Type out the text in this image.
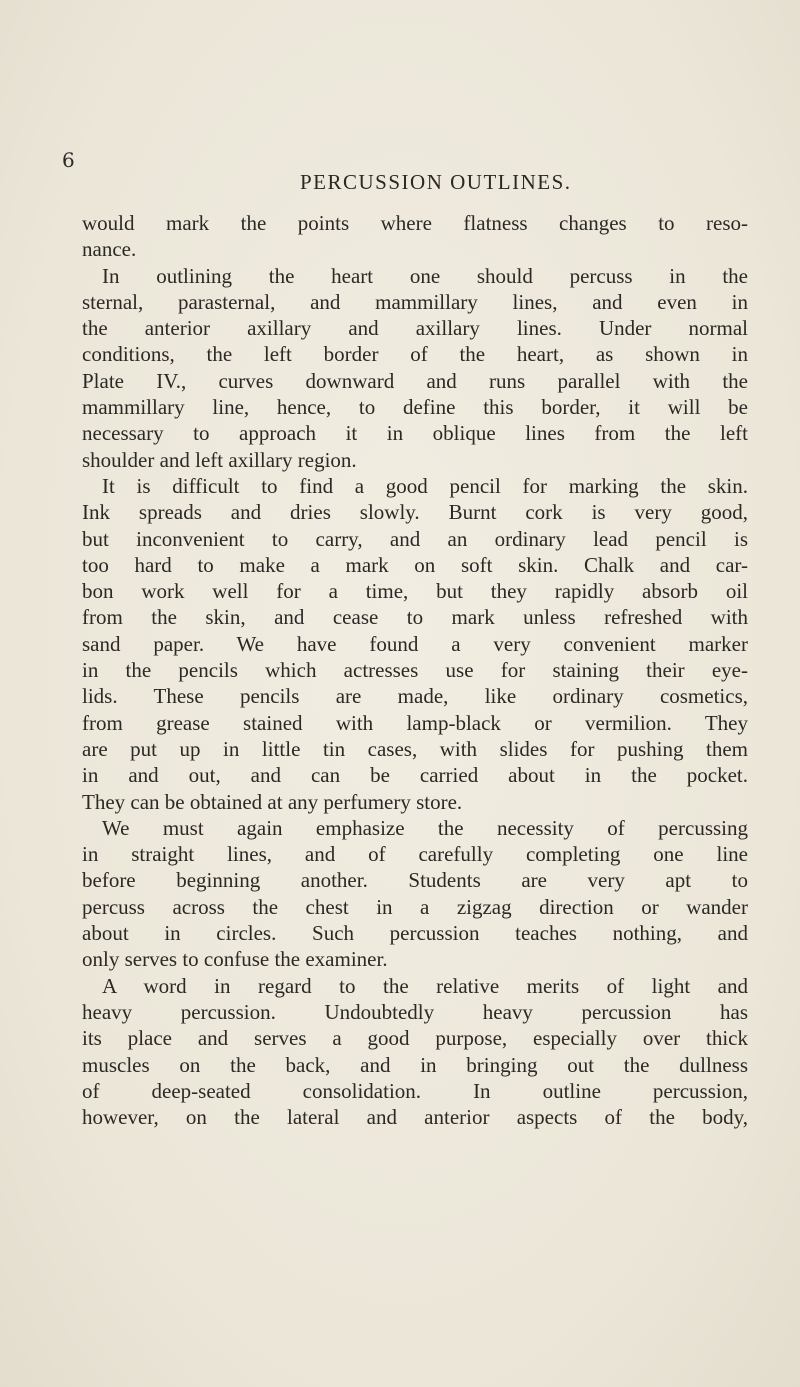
6
PERCUSSION OUTLINES.
would mark the points where flatness changes to reso-
nance.
In outlining the heart one should percuss in the
sternal, parasternal, and mammillary lines, and even in
the anterior axillary and axillary lines. Under normal
conditions, the left border of the heart, as shown in
Plate IV., curves downward and runs parallel with the
mammillary line, hence, to define this border, it will be
necessary to approach it in oblique lines from the left
shoulder and left axillary region.
It is difficult to find a good pencil for marking the skin.
Ink spreads and dries slowly. Burnt cork is very good,
but inconvenient to carry, and an ordinary lead pencil is
too hard to make a mark on soft skin. Chalk and car-
bon work well for a time, but they rapidly absorb oil
from the skin, and cease to mark unless refreshed with
sand paper. We have found a very convenient marker
in the pencils which actresses use for staining their eye-
lids. These pencils are made, like ordinary cosmetics,
from grease stained with lamp-black or vermilion. They
are put up in little tin cases, with slides for pushing them
in and out, and can be carried about in the pocket.
They can be obtained at any perfumery store.
We must again emphasize the necessity of percussing
in straight lines, and of carefully completing one line
before beginning another. Students are very apt to
percuss across the chest in a zigzag direction or wander
about in circles. Such percussion teaches nothing, and
only serves to confuse the examiner.
A word in regard to the relative merits of light and
heavy percussion. Undoubtedly heavy percussion has
its place and serves a good purpose, especially over thick
muscles on the back, and in bringing out the dullness
of deep-seated consolidation. In outline percussion,
however, on the lateral and anterior aspects of the body,
